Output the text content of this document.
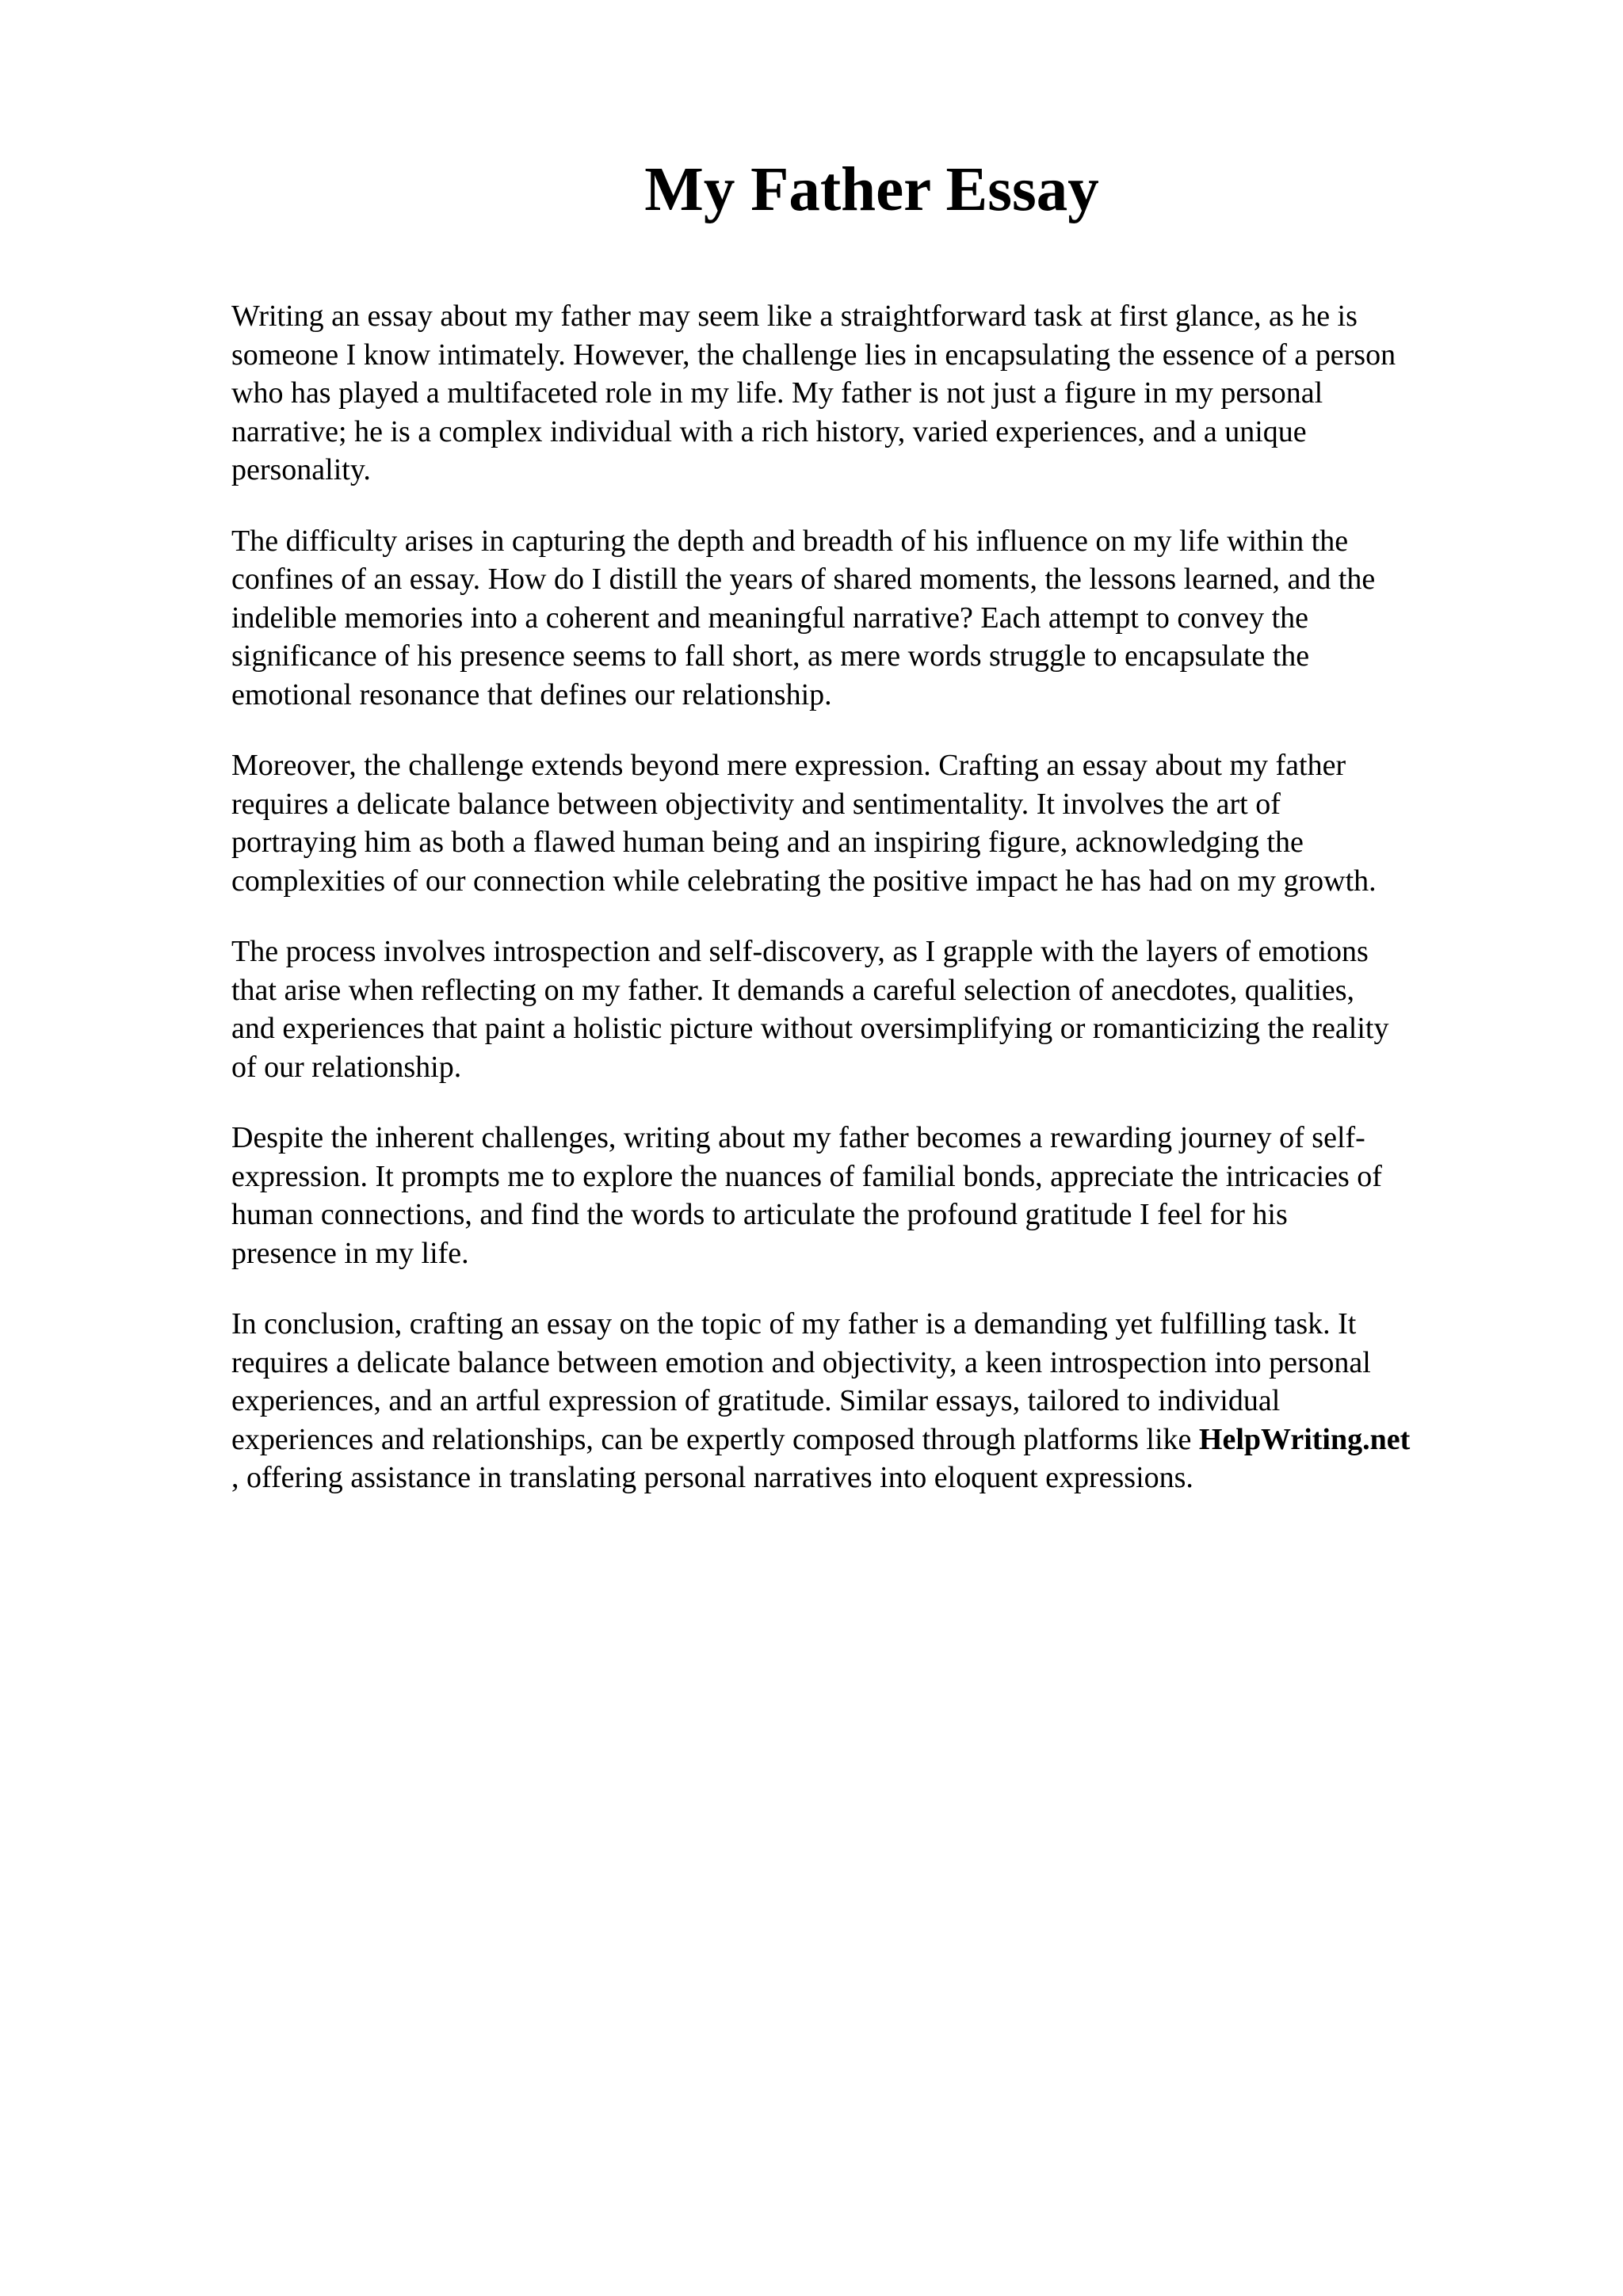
My Father Essay

Writing an essay about my father may seem like a straightforward task at first glance, as he is
someone I know intimately. However, the challenge lies in encapsulating the essence of a person
who has played a multifaceted role in my life. My father is not just a figure in my personal
narrative; he is a complex individual with a rich history, varied experiences, and a unique
personality.

The difficulty arises in capturing the depth and breadth of his influence on my life within the
confines of an essay. How do I distill the years of shared moments, the lessons learned, and the
indelible memories into a coherent and meaningful narrative? Each attempt to convey the
significance of his presence seems to fall short, as mere words struggle to encapsulate the
emotional resonance that defines our relationship.

Moreover, the challenge extends beyond mere expression. Crafting an essay about my father
requires a delicate balance between objectivity and sentimentality. It involves the art of
portraying him as both a flawed human being and an inspiring figure, acknowledging the
complexities of our connection while celebrating the positive impact he has had on my growth.

The process involves introspection and self-discovery, as I grapple with the layers of emotions
that arise when reflecting on my father. It demands a careful selection of anecdotes, qualities,
and experiences that paint a holistic picture without oversimplifying or romanticizing the reality
of our relationship.

Despite the inherent challenges, writing about my father becomes a rewarding journey of self-
expression. It prompts me to explore the nuances of familial bonds, appreciate the intricacies of
human connections, and find the words to articulate the profound gratitude I feel for his
presence in my life.

In conclusion, crafting an essay on the topic of my father is a demanding yet fulfilling task. It
requires a delicate balance between emotion and objectivity, a keen introspection into personal
experiences, and an artful expression of gratitude. Similar essays, tailored to individual
experiences and relationships, can be expertly composed through platforms like HelpWriting.net
, offering assistance in translating personal narratives into eloquent expressions.
